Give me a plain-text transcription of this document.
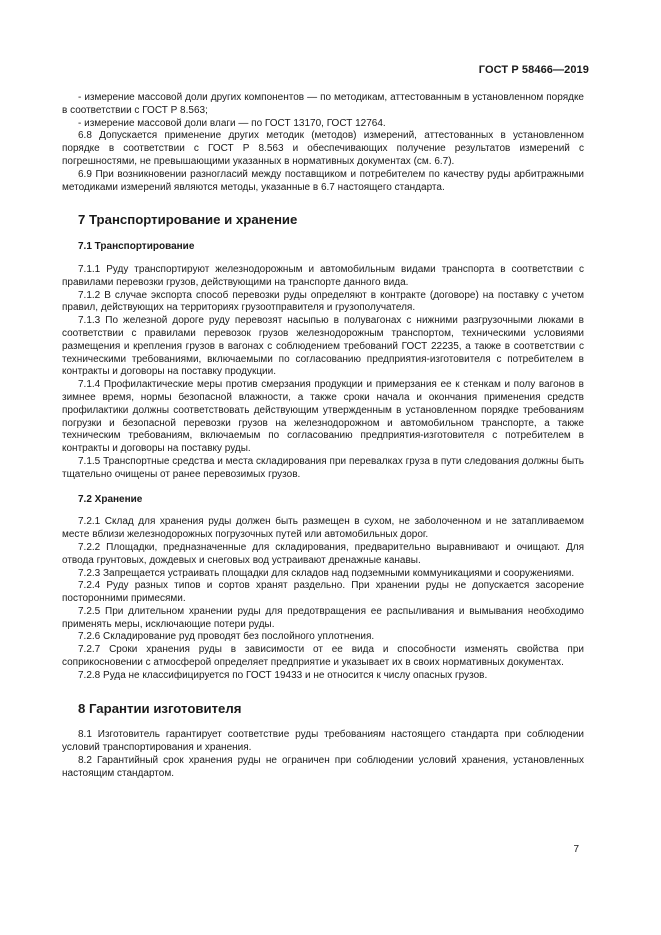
ГОСТ Р 58466—2019

- измерение массовой доли других компонентов — по методикам, аттестованным в установленном порядке в соответствии с ГОСТ Р 8.563;

- измерение массовой доли влаги — по ГОСТ 13170, ГОСТ 12764.

6.8 Допускается применение других методик (методов) измерений, аттестованных в установленном порядке в соответствии с ГОСТ Р 8.563 и обеспечивающих получение результатов измерений с погрешностями, не превышающими указанных в нормативных документах (см. 6.7).

6.9 При возникновении разногласий между поставщиком и потребителем по качеству руды арбитражными методиками измерений являются методы, указанные в 6.7 настоящего стандарта.

7 Транспортирование и хранение
7.1 Транспортирование

7.1.1 Руду транспортируют железнодорожным и автомобильным видами транспорта в соответствии с правилами перевозки грузов, действующими на транспорте данного вида.

7.1.2 В случае экспорта способ перевозки руды определяют в контракте (договоре) на поставку с учетом правил, действующих на территориях грузоотправителя и грузополучателя.

7.1.3 По железной дороге руду перевозят насыпью в полувагонах с нижними разгрузочными люками в соответствии с правилами перевозок грузов железнодорожным транспортом, техническими условиями размещения и крепления грузов в вагонах с соблюдением требований ГОСТ 22235, а также в соответствии с техническими требованиями, включаемыми по согласованию предприятия-изготовителя с потребителем в контракты и договоры на поставку продукции.

7.1.4 Профилактические меры против смерзания продукции и примерзания ее к стенкам и полу вагонов в зимнее время, нормы безопасной влажности, а также сроки начала и окончания применения средств профилактики должны соответствовать действующим утвержденным в установленном порядке требованиям погрузки и безопасной перевозки грузов на железнодорожном и автомобильном транспорте, а также техническим требованиям, включаемым по согласованию предприятия-изготовителя с потребителем в контракты и договоры на поставку руды.

7.1.5 Транспортные средства и места складирования при перевалках груза в пути следования должны быть тщательно очищены от ранее перевозимых грузов.

7.2 Хранение

7.2.1 Склад для хранения руды должен быть размещен в сухом, не заболоченном и не затапливаемом месте вблизи железнодорожных погрузочных путей или автомобильных дорог.

7.2.2 Площадки, предназначенные для складирования, предварительно выравнивают и очищают. Для отвода грунтовых, дождевых и снеговых вод устраивают дренажные канавы.

7.2.3 Запрещается устраивать площадки для складов над подземными коммуникациями и сооружениями.

7.2.4 Руду разных типов и сортов хранят раздельно. При хранении руды не допускается засорение посторонними примесями.

7.2.5 При длительном хранении руды для предотвращения ее распыливания и вымывания необходимо применять меры, исключающие потери руды.

7.2.6 Складирование руд проводят без послойного уплотнения.

7.2.7 Сроки хранения руды в зависимости от ее вида и способности изменять свойства при соприкосновении с атмосферой определяет предприятие и указывает их в своих нормативных документах.

7.2.8 Руда не классифицируется по ГОСТ 19433 и не относится к числу опасных грузов.

8 Гарантии изготовителя

8.1 Изготовитель гарантирует соответствие руды требованиям настоящего стандарта при соблюдении условий транспортирования и хранения.

8.2 Гарантийный срок хранения руды не ограничен при соблюдении условий хранения, установленных настоящим стандартом.

7
